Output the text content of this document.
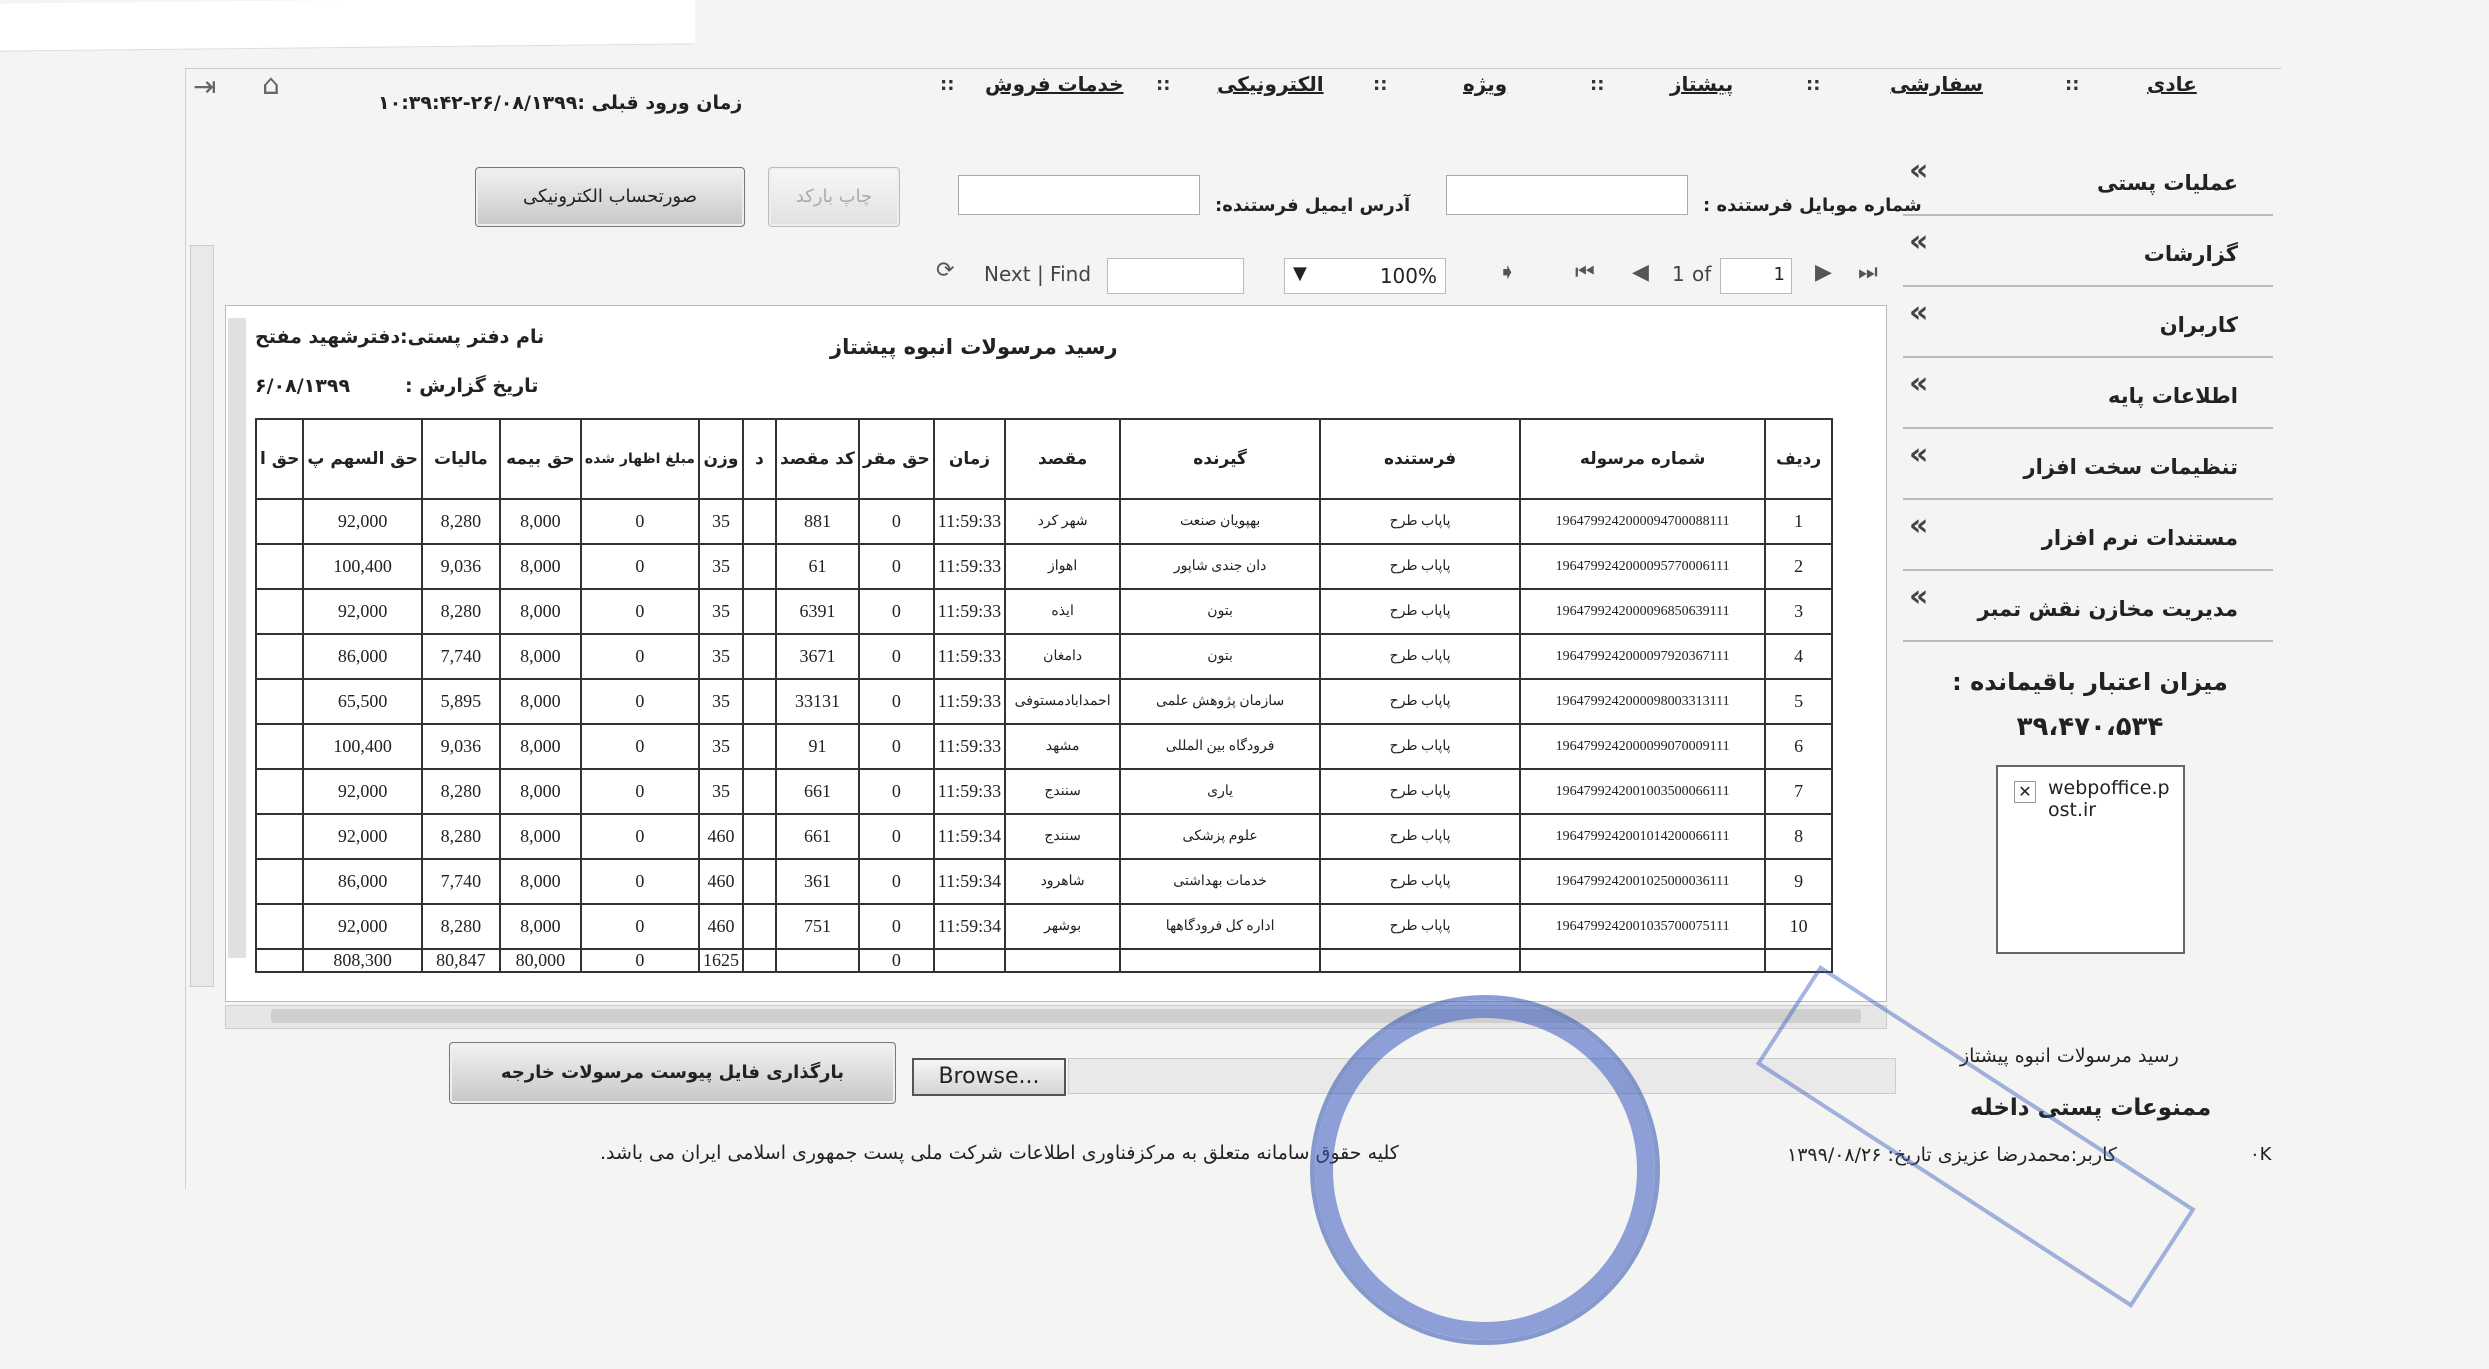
عادی
::
سفارشی
::
پیشتاز
::
ویژه
::
الکترونیکی
::
خدمات فروش
::
⇥ ⌂
زمان ورود قبلی :۲۶/۰۸/۱۳۹۹-۱۰:۳۹:۴۲
شماره موبایل فرستنده :
آدرس ایمیل فرستنده:
چاپ بارکد
صورتحساب الکترونیکی
⟳ Next | Find	▼	100%	➧	⏮ ◀ 1 of	1 ▶ ⏭
«	عملیات پستی
«	گزارشات
«	کاربران
«	اطلاعات پایه
«	تنظیمات سخت افزار
«	مستندات نرم افزار
« مدیریت مخازن نقش تمبر
میزان اعتبار باقیمانده :
۳۹،۴۷۰،۵۳۴
✕ webpoffice.post.ir
رسید مرسولات انبوه پیشتاز
نام دفتر پستی:
دفترشهید مفتح
تاریخ گزارش :
۶/۰۸/۱۳۹۹
حق ا	حق السهم پ	مالیات	حق بیمه	مبلغ اظهار شده	وزن	د	کد مقصد	حق مقر	زمان	مقصد	گیرنده	فرستنده	شماره مرسوله	ردیف
	92,000	8,280	8,000	0	35		881	0	11:59:33	شهر کرد	بهپویان صنعت	پاپاب طرح	1964799242000094700088111	1
	100,400	9,036	8,000	0	35		61	0	11:59:33	اهواز	دان جندی شاپور	پاپاب طرح	1964799242000095770006111	2
	92,000	8,280	8,000	0	35		6391	0	11:59:33	ایذه	بتون	پاپاب طرح	1964799242000096850639111	3
	86,000	7,740	8,000	0	35		3671	0	11:59:33	دامغان	بتون	پاپاب طرح	1964799242000097920367111	4
	65,500	5,895	8,000	0	35		33131	0	11:59:33	احمدابادمستوفی	سازمان پژوهش علمی	پاپاب طرح	1964799242000098003313111	5
	100,400	9,036	8,000	0	35		91	0	11:59:33	مشهد	فرودگاه بین المللی	پاپاب طرح	1964799242000099070009111	6
	92,000	8,280	8,000	0	35		661	0	11:59:33	سنندج	یاری	پاپاب طرح	1964799242001003500066111	7
	92,000	8,280	8,000	0	460		661	0	11:59:34	سنندج	علوم پزشکی	پاپاب طرح	1964799242001014200066111	8
	86,000	7,740	8,000	0	460		361	0	11:59:34	شاهرود	خدمات بهداشتی	پاپاب طرح	1964799242001025000036111	9
	92,000	8,280	8,000	0	460		751	0	11:59:34	بوشهر	اداره کل فرودگاهها	پاپاب طرح	1964799242001035700075111	10
	808,300	80,847	80,000	0	1625			0						
بارگذاری فایل پیوست مرسولات خارجه	Browse...
رسید مرسولات انبوه پیشتاز
ممنوعات پستی داخله
کاربر:محمدرضا عزیزی تاریخ: ۱۳۹۹/۰۸/۲۶	۰K
کلیه حقوق سامانه متعلق به مرکزفناوری اطلاعات شرکت ملی پست جمهوری اسلامی ایران می باشد.
